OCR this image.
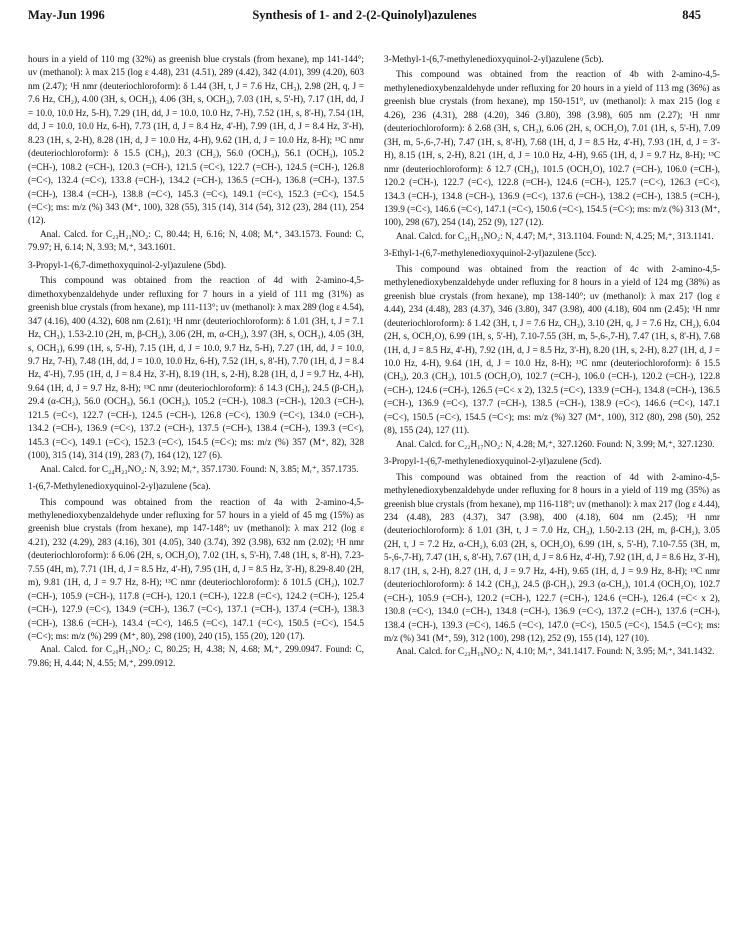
May-Jun 1996	Synthesis of 1- and 2-(2-Quinolyl)azulenes	845

hours in a yield of 110 mg (32%) as greenish blue crystals (from hexane), mp 141-144°; uv (methanol): λ max 215 (log ε 4.48), 231 (4.51), 289 (4.42), 342 (4.01), 399 (4.20), 603 nm (2.47); ¹H nmr (deuteriochloroform): δ 1.44 (3H, t, J = 7.6 Hz, CH₃), 2.98 (2H, q, J = 7.6 Hz, CH₂), 4.00 (3H, s, OCH₃), 4.06 (3H, s, OCH₃), 7.03 (1H, s, 5'-H), 7.17 (1H, dd, J = 10.0, 10.0 Hz, 5-H), 7.29 (1H, dd, J = 10.0, 10.0 Hz, 7-H), 7.52 (1H, s, 8'-H), 7.54 (1H, dd, J = 10.0, 10.0 Hz, 6-H), 7.73 (1H, d, J = 8.4 Hz, 4'-H), 7.99 (1H, d, J = 8.4 Hz, 3'-H), 8.23 (1H, s, 2-H), 8.28 (1H, d, J = 10.0 Hz, 4-H), 9.62 (1H, d, J = 10.0 Hz, 8-H); ¹³C nmr (deuteriochloroform): δ 15.5 (CH₃), 20.3 (CH₂), 56.0 (OCH₃), 56.1 (OCH₃), 105.2 (=CH-), 108.2 (=CH-), 120.3 (=CH-), 121.5 (=C<), 122.7 (=CH-), 124.5 (=CH-), 126.8 (=C<), 132.4 (=C<), 133.8 (=CH-), 134.2 (=CH-), 136.5 (=CH-), 136.8 (=CH-), 137.5 (=CH-), 138.4 (=CH-), 138.8 (=C<), 145.3 (=C<), 149.1 (=C<), 152.3 (=C<), 154.5 (=C<); ms: m/z (%) 343 (M⁺, 100), 328 (55), 315 (14), 314 (54), 312 (23), 284 (11), 254 (12).

Anal. Calcd. for C₂₃H₂₁NO₂: C, 80.44; H, 6.16; N, 4.08; Mᵣ⁺, 343.1573. Found: C, 79.97; H, 6.14; N, 3.93; Mᵣ⁺, 343.1601.

3-Propyl-1-(6,7-dimethoxyquinol-2-yl)azulene (5bd).

This compound was obtained from the reaction of 4d with 2-amino-4,5-dimethoxybenzaldehyde under refluxing for 7 hours in a yield of 111 mg (31%) as greenish blue crystals (from hexane), mp 111-113°; uv (methanol): λ max 289 (log ε 4.54), 347 (4.16), 400 (4.32), 608 nm (2.61); ¹H nmr (deuteriochloroform): δ 1.01 (3H, t, J = 7.1 Hz, CH₃), 1.53-2.10 (2H, m, β-CH₂), 3.06 (2H, m, α-CH₂), 3.97 (3H, s, OCH₃), 4.05 (3H, s, OCH₃), 6.99 (1H, s, 5'-H), 7.15 (1H, d, J = 10.0, 9.7 Hz, 5-H), 7.27 (1H, dd, J = 10.0, 9.7 Hz, 7-H), 7.48 (1H, dd, J = 10.0, 10.0 Hz, 6-H), 7.52 (1H, s, 8'-H), 7.70 (1H, d, J = 8.4 Hz, 4'-H), 7.95 (1H, d, J = 8.4 Hz, 3'-H), 8.19 (1H, s, 2-H), 8.28 (1H, d, J = 9.7 Hz, 4-H), 9.64 (1H, d, J = 9.7 Hz, 8-H); ¹³C nmr (deuteriochloroform): δ 14.3 (CH₃), 24.5 (β-CH₂), 29.4 (α-CH₂), 56.0 (OCH₃), 56.1 (OCH₃), 105.2 (=CH-), 108.3 (=CH-), 120.3 (=CH-), 121.5 (=C<), 122.7 (=CH-), 124.5 (=CH-), 126.8 (=C<), 130.9 (=C<), 134.0 (=CH-), 134.2 (=CH-), 136.9 (=C<), 137.2 (=CH-), 137.5 (=CH-), 138.4 (=CH-), 139.3 (=C<), 145.3 (=C<), 149.1 (=C<), 152.3 (=C<), 154.5 (=C<); ms: m/z (%) 357 (M⁺, 82), 328 (100), 315 (14), 314 (19), 283 (7), 164 (12), 127 (6).

Anal. Calcd. for C₂₄H₂₃NO₂: N, 3.92; Mᵣ⁺, 357.1730. Found: N, 3.85; Mᵣ⁺, 357.1735.

1-(6,7-Methylenedioxyquinol-2-yl)azulene (5ca).

This compound was obtained from the reaction of 4a with 2-amino-4,5-methylenedioxybenzaldehyde under refluxing for 57 hours in a yield of 45 mg (15%) as greenish blue crystals (from hexane), mp 147-148°; uv (methanol): λ max 212 (log ε 4.21), 232 (4.29), 283 (4.16), 301 (4.05), 340 (3.74), 392 (3.98), 632 nm (2.02); ¹H nmr (deuteriochloroform): δ 6.06 (2H, s, OCH₂O), 7.02 (1H, s, 5'-H), 7.48 (1H, s, 8'-H), 7.23-7.55 (4H, m), 7.71 (1H, d, J = 8.5 Hz, 4'-H), 7.95 (1H, d, J = 8.5 Hz, 3'-H), 8.29-8.40 (2H, m), 9.81 (1H, d, J = 9.7 Hz, 8-H); ¹³C nmr (deuteriochloroform): δ 101.5 (CH₂), 102.7 (=CH-), 105.9 (=CH-), 117.8 (=CH-), 120.1 (=CH-), 122.8 (=C<), 124.2 (=CH-), 125.4 (=CH-), 127.9 (=C<), 134.9 (=CH-), 136.7 (=C<), 137.1 (=CH-), 137.4 (=CH-), 138.3 (=CH-), 138.6 (=CH-), 143.4 (=C<), 146.5 (=C<), 147.1 (=C<), 150.5 (=C<), 154.5 (=C<); ms: m/z (%) 299 (M⁺, 80), 298 (100), 240 (15), 155 (20), 120 (17).

Anal. Calcd. for C₂₀H₁₃NO₂: C, 80.25; H, 4.38; N, 4.68; Mᵣ⁺, 299.0947. Found: C, 79.86; H, 4.44; N, 4.55; Mᵣ⁺, 299.0912.

3-Methyl-1-(6,7-methylenedioxyquinol-2-yl)azulene (5cb).

This compound was obtained from the reaction of 4b with 2-amino-4,5-methylenedioxybenzaldehyde under refluxing for 20 hours in a yield of 113 mg (36%) as greenish blue crystals (from hexane), mp 150-151°, uv (methanol): λ max 215 (log ε 4.26), 236 (4.31), 288 (4.20), 346 (3.80), 398 (3.98), 605 nm (2.27); ¹H nmr (deuteriochloroform): δ 2.68 (3H, s, CH₃), 6.06 (2H, s, OCH₂O), 7.01 (1H, s, 5'-H), 7.09 (3H, m, 5-,6-,7-H), 7.47 (1H, s, 8'-H), 7.68 (1H, d, J = 8.5 Hz, 4'-H), 7.93 (1H, d, J = 3'-H), 8.15 (1H, s, 2-H), 8.21 (1H, d, J = 10.0 Hz, 4-H), 9.65 (1H, d, J = 9.7 Hz, 8-H); ¹³C nmr (deuteriochloroform): δ 12.7 (CH₃), 101.5 (OCH₂O), 102.7 (=CH-), 106.0 (=CH-), 120.2 (=CH-), 122.7 (=C<), 122.8 (=CH-), 124.6 (=CH-), 125.7 (=C<), 126.3 (=C<), 134.3 (=CH-), 134.8 (=CH-), 136.9 (=C<), 137.6 (=CH-), 138.2 (=CH-), 138.5 (=CH-), 139.9 (=C<), 146.6 (=C<), 147.1 (=C<), 150.6 (=C<), 154.5 (=C<); ms: m/z (%) 313 (M⁺, 100), 298 (67), 254 (14), 252 (9), 127 (12).

Anal. Calcd. for C₂₁H₁₅NO₂: N, 4.47; Mᵣ⁺, 313.1104. Found: N, 4.25; Mᵣ⁺, 313.1141.

3-Ethyl-1-(6,7-methylenedioxyquinol-2-yl)azulene (5cc).

This compound was obtained from the reaction of 4c with 2-amino-4,5-methylenedioxybenzaldehyde under refluxing for 8 hours in a yield of 124 mg (38%) as greenish blue crystals (from hexane), mp 138-140°; uv (methanol): λ max 217 (log ε 4.44), 234 (4.48), 283 (4.37), 346 (3.80), 347 (3.98), 400 (4.18), 604 nm (2.45); ¹H nmr (deuteriochloroform): δ 1.42 (3H, t, J = 7.6 Hz, CH₃), 3.10 (2H, q, J = 7.6 Hz, CH₂), 6.04 (2H, s, OCH₂O), 6.99 (1H, s, 5'-H), 7.10-7.55 (3H, m, 5-,6-,7-H), 7.47 (1H, s, 8'-H), 7.68 (1H, d, J = 8.5 Hz, 4'-H), 7.92 (1H, d, J = 8.5 Hz, 3'-H), 8.20 (1H, s, 2-H), 8.27 (1H, d, J = 10.0 Hz, 4-H), 9.64 (1H, d, J = 10.0 Hz, 8-H); ¹³C nmr (deuteriochloroform): δ 15.5 (CH₃), 20.3 (CH₂), 101.5 (OCH₂O), 102.7 (=CH-), 106.0 (=CH-), 120.2 (=CH-), 122.8 (=CH-), 124.6 (=CH-), 126.5 (=C< x 2), 132.5 (=C<), 133.9 (=CH-), 134.8 (=CH-), 136.5 (=CH-), 136.9 (=C<), 137.7 (=CH-), 138.5 (=CH-), 138.9 (=C<), 146.6 (=C<), 147.1 (=C<), 150.5 (=C<), 154.5 (=C<); ms: m/z (%) 327 (M⁺, 100), 312 (80), 298 (50), 252 (8), 155 (24), 127 (11).

Anal. Calcd. for C₂₂H₁₇NO₂: N, 4.28; Mᵣ⁺, 327.1260. Found: N, 3.99; Mᵣ⁺, 327.1230.

3-Propyl-1-(6,7-methylenedioxyquinol-2-yl)azulene (5cd).

This compound was obtained from the reaction of 4d with 2-amino-4,5-methylenedioxybenzaldehyde under refluxing for 8 hours in a yield of 119 mg (35%) as greenish blue crystals (from hexane), mp 116-118°; uv (methanol): λ max 217 (log ε 4.44), 234 (4.48), 283 (4.37), 347 (3.98), 400 (4.18), 604 nm (2.45); ¹H nmr (deuteriochloroform): δ 1.01 (3H, t, J = 7.0 Hz, CH₃), 1.50-2.13 (2H, m, β-CH₂), 3.05 (2H, t, J = 7.2 Hz, α-CH₂), 6.03 (2H, s, OCH₂O), 6.99 (1H, s, 5'-H), 7.10-7.55 (3H, m, 5-,6-,7-H), 7.47 (1H, s, 8'-H), 7.67 (1H, d, J = 8.6 Hz, 4'-H), 7.92 (1H, d, J = 8.6 Hz, 3'-H), 8.17 (1H, s, 2-H), 8.27 (1H, d, J = 9.7 Hz, 4-H), 9.65 (1H, d, J = 9.9 Hz, 8-H); ¹³C nmr (deuteriochloroform): δ 14.2 (CH₃), 24.5 (β-CH₂), 29.3 (α-CH₂), 101.4 (OCH₂O), 102.7 (=CH-), 105.9 (=CH-), 120.2 (=CH-), 122.7 (=CH-), 124.6 (=CH-), 126.4 (=C< x 2), 130.8 (=C<), 134.0 (=CH-), 134.8 (=CH-), 136.9 (=C<), 137.2 (=CH-), 137.6 (=CH-), 138.4 (=CH-), 139.3 (=C<), 146.5 (=C<), 147.0 (=C<), 150.5 (=C<), 154.5 (=C<); ms: m/z (%) 341 (M⁺, 59), 312 (100), 298 (12), 252 (9), 155 (14), 127 (10).

Anal. Calcd. for C₂₃H₁₉NO₂: N, 4.10; Mᵣ⁺, 341.1417. Found: N, 3.95; Mᵣ⁺, 341.1432.
